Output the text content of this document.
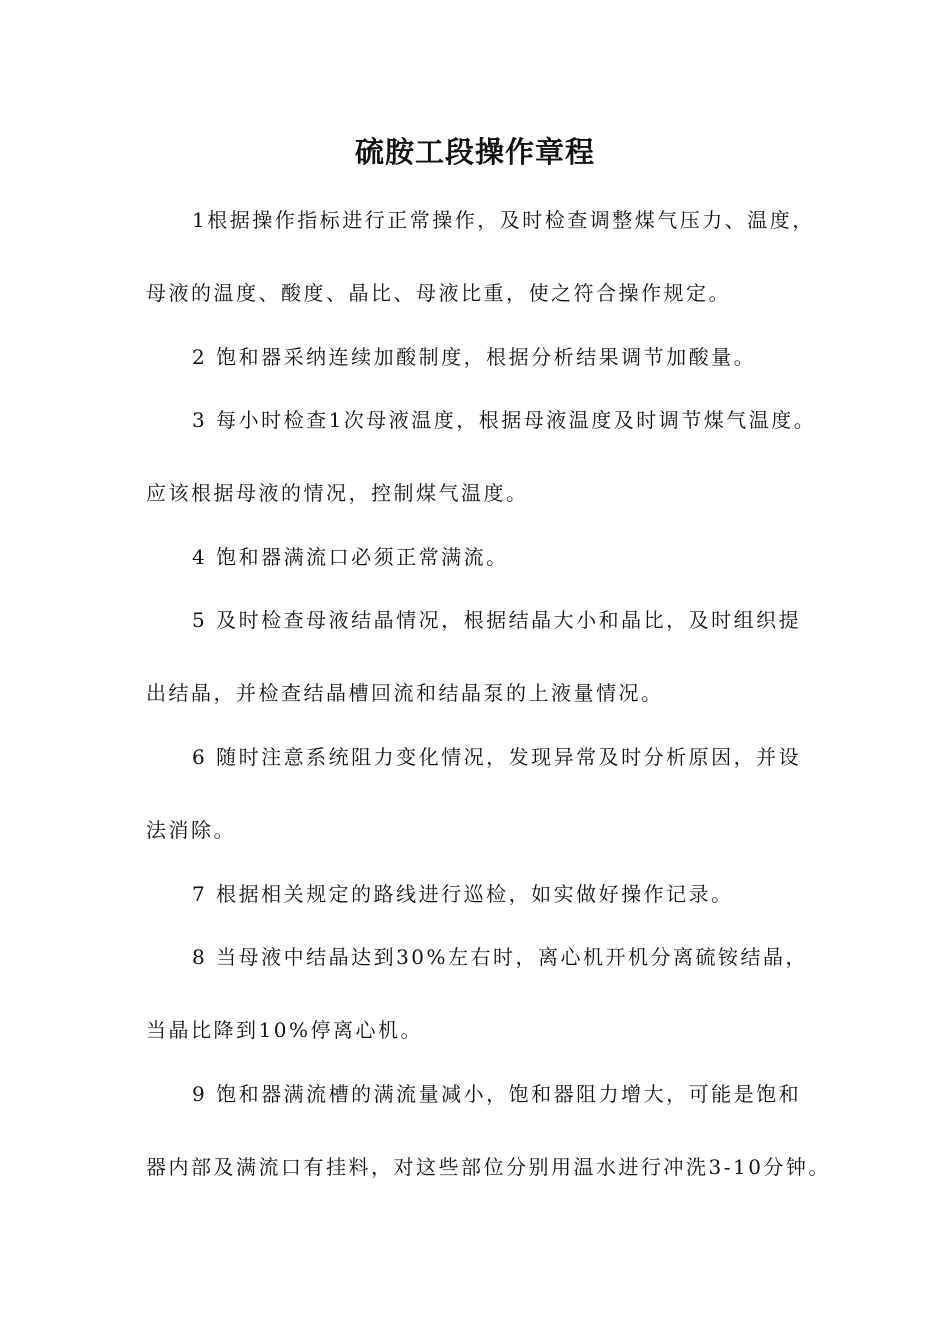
硫胺工段操作章程
1根据操作指标进行正常操作，及时检查调整煤气压力、温度，
母液的温度、酸度、晶比、母液比重，使之符合操作规定。
2 饱和器采纳连续加酸制度，根据分析结果调节加酸量。
3 每小时检查1次母液温度，根据母液温度及时调节煤气温度。
应该根据母液的情况，控制煤气温度。
4 饱和器满流口必须正常满流。
5 及时检查母液结晶情况，根据结晶大小和晶比，及时组织提
出结晶，并检查结晶槽回流和结晶泵的上液量情况。
6 随时注意系统阻力变化情况，发现异常及时分析原因，并设
法消除。
7 根据相关规定的路线进行巡检，如实做好操作记录。
8 当母液中结晶达到30%左右时，离心机开机分离硫铵结晶，
当晶比降到10%停离心机。
9 饱和器满流槽的满流量减小，饱和器阻力增大，可能是饱和
器内部及满流口有挂料，对这些部位分别用温水进行冲洗3-10分钟。
